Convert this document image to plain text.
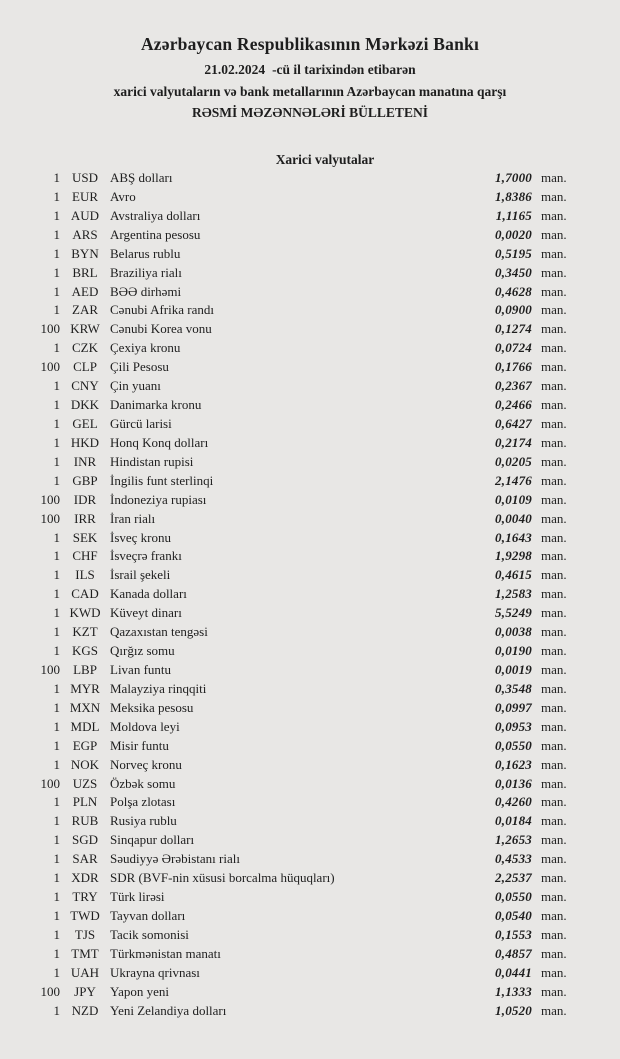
Azərbaycan Respublikasının Mərkəzi Bankı
21.02.2024 -cü il tarixindən etibarən
xarici valyutaların və bank metallarının Azərbaycan manatına qarşı
RƏSMİ MƏZƏNNƏLƏRİ BÜLLETENİ
Xarici valyutalar
1 USD ABŞ dolları	1,7000 man.
1 EUR Avro	1,8386 man.
1 AUD Avstraliya dolları	1,1165 man.
1 ARS Argentina pesosu	0,0020 man.
1 BYN Belarus rublu	0,5195 man.
1 BRL Braziliya rialı	0,3450 man.
1 AED BƏƏ dirhəmi	0,4628 man.
1 ZAR Cənubi Afrika randı	0,0900 man.
100 KRW Cənubi Korea vonu	0,1274 man.
1 CZK Çexiya kronu	0,0724 man.
100	CLP	Çili Pesosu	0,1766 man.
1 CNY Çin yuanı	0,2367 man.
1 DKK Danimarka kronu	0,2466 man.
1 GEL Gürcü larisi	0,6427 man.
1 HKD Honq Konq dolları	0,2174 man.
1	INR	Hindistan rupisi	0,0205 man.
1 GBP İngilis funt sterlinqi	2,1476 man.
100	IDR	İndoneziya rupiası	0,0109 man.
100	IRR	İran rialı	0,0040 man.
1 SEK İsveç kronu	0,1643 man.
1 CHF İsveçrə frankı	1,9298 man.
1	ILS	İsrail şekeli	0,4615 man.
1 CAD Kanada dolları	1,2583 man.
1 KWD Küveyt dinarı	5,5249 man.
1 KZT Qazaxıstan tengəsi	0,0038 man.
1 KGS Qırğız somu	0,0190 man.
100	LBP	Livan funtu	0,0019 man.
1 MYR Malayziya rinqqiti	0,3548 man.
1 MXN Meksika pesosu	0,0997 man.
1 MDL Moldova leyi	0,0953 man.
1 EGP Misir funtu	0,0550 man.
1 NOK Norveç kronu	0,1623 man.
100 UZS Özbək somu	0,0136 man.
1 PLN Polşa zlotası	0,4260 man.
1 RUB Rusiya rublu	0,0184 man.
1 SGD Sinqapur dolları	1,2653 man.
1 SAR Səudiyyə Ərəbistanı rialı	0,4533 man.
1 XDR SDR (BVF-nin xüsusi borcalma hüquqları)	2,2537 man.
1 TRY Türk lirəsi	0,0550 man.
1 TWD Tayvan dolları	0,0540 man.
1	TJS	Tacik somonisi	0,1553 man.
1 TMT Türkmənistan manatı	0,4857 man.
1 UAH Ukrayna qrivnası	0,0441 man.
100	JPY	Yapon yeni	1,1333 man.
1 NZD Yeni Zelandiya dolları	1,0520 man.
